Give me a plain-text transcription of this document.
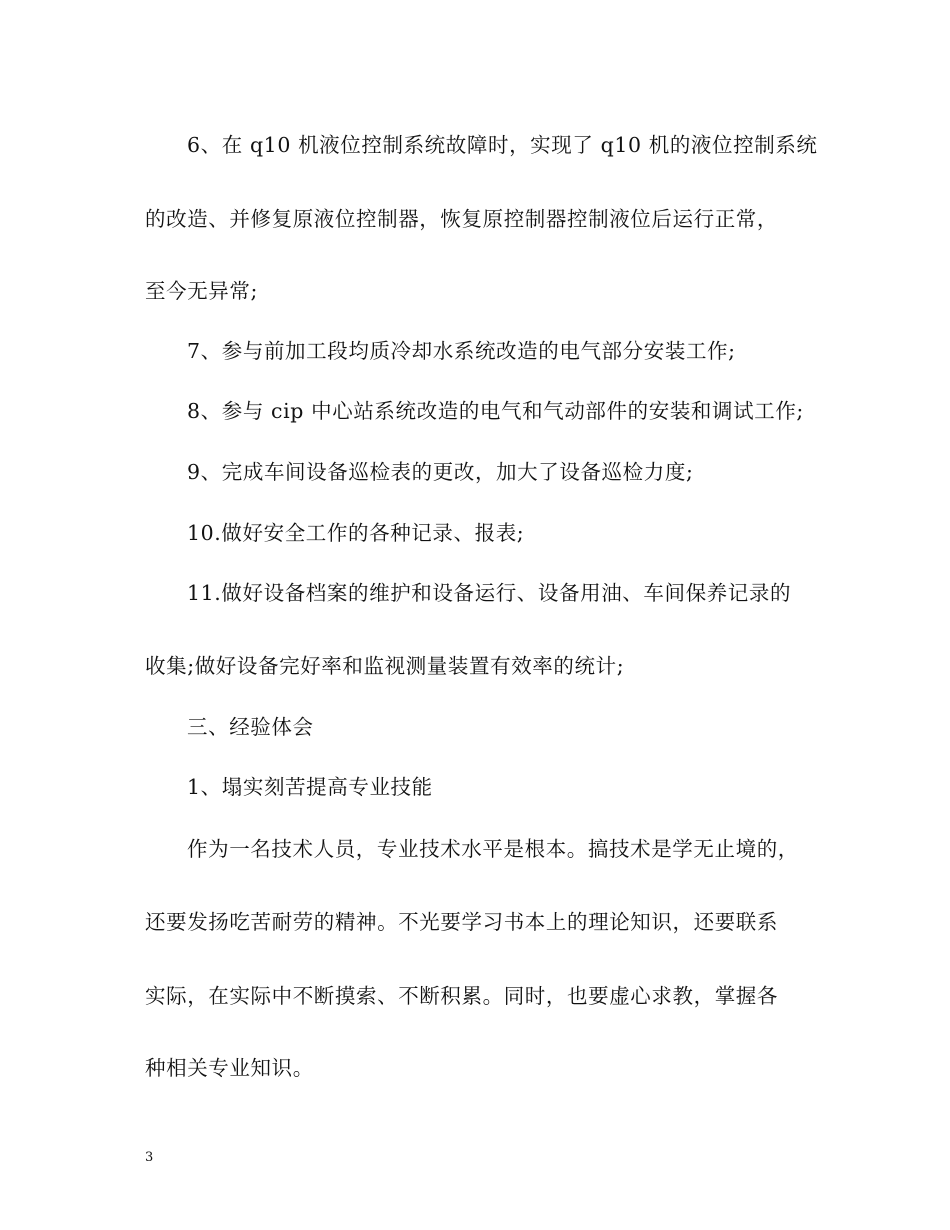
6、在 q10 机液位控制系统故障时，实现了 q10 机的液位控制系统
的改造、并修复原液位控制器，恢复原控制器控制液位后运行正常，
至今无异常;
7、参与前加工段均质冷却水系统改造的电气部分安装工作;
8、参与 cip 中心站系统改造的电气和气动部件的安装和调试工作;
9、完成车间设备巡检表的更改，加大了设备巡检力度;
10.做好安全工作的各种记录、报表;
11.做好设备档案的维护和设备运行、设备用油、车间保养记录的
收集;做好设备完好率和监视测量装置有效率的统计;
三、经验体会
1、塌实刻苦提高专业技能
作为一名技术人员，专业技术水平是根本。搞技术是学无止境的，
还要发扬吃苦耐劳的精神。不光要学习书本上的理论知识，还要联系
实际，在实际中不断摸索、不断积累。同时，也要虚心求教，掌握各
种相关专业知识。
3
